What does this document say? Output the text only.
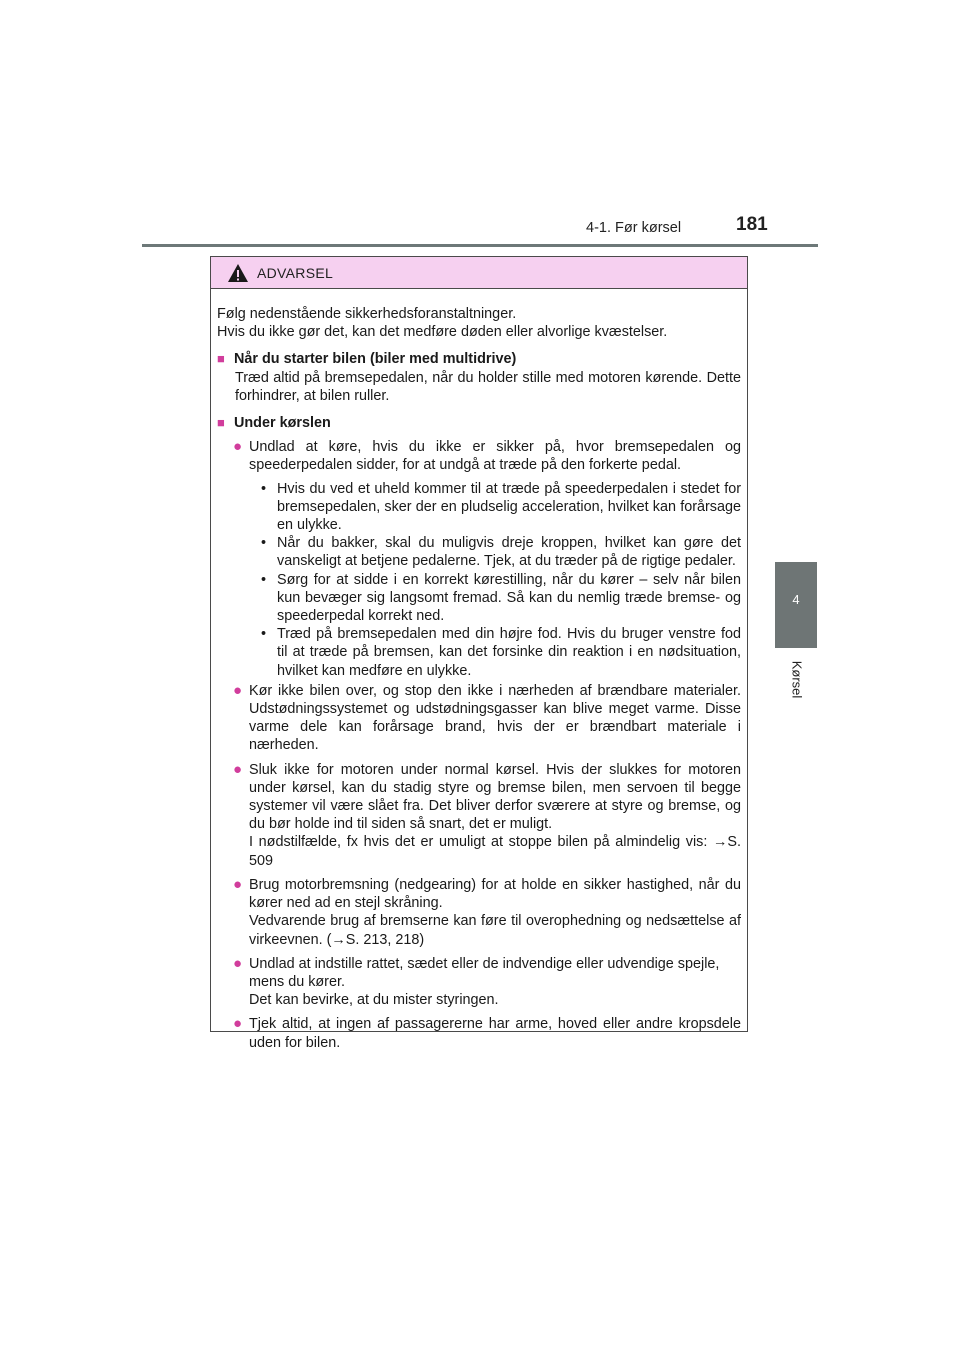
4-1. Før kørsel	181
4
Kørsel
ADVARSEL

Følg nedenstående sikkerhedsforanstaltninger.

Hvis du ikke gør det, kan det medføre døden eller alvorlige kvæstelser.

■ Når du starter bilen (biler med multidrive)

Træd altid på bremsepedalen, når du holder stille med motoren kørende. Dette forhindrer, at bilen ruller.

■ Under kørslen
● Undlad at køre, hvis du ikke er sikker på, hvor bremsepedalen og speederpedalen sidder, for at undgå at træde på den forkerte pedal.
• Hvis du ved et uheld kommer til at træde på speederpedalen i stedet for bremsepedalen, sker der en pludselig acceleration, hvilket kan forårsage en ulykke.
• Når du bakker, skal du muligvis dreje kroppen, hvilket kan gøre det vanskeligt at betjene pedalerne. Tjek, at du træder på de rigtige pedaler.
• Sørg for at sidde i en korrekt kørestilling, når du kører – selv når bilen kun bevæger sig langsomt fremad. Så kan du nemlig træde bremse- og speederpedal korrekt ned.
• Træd på bremsepedalen med din højre fod. Hvis du bruger venstre fod til at træde på bremsen, kan det forsinke din reaktion i en nødsituation, hvilket kan medføre en ulykke.
● Kør ikke bilen over, og stop den ikke i nærheden af brændbare materialer. Udstødningssystemet og udstødningsgasser kan blive meget varme. Disse varme dele kan forårsage brand, hvis der er brændbart materiale i nærheden.
● Sluk ikke for motoren under normal kørsel. Hvis der slukkes for motoren under kørsel, kan du stadig styre og bremse bilen, men servoen til begge systemer vil være slået fra. Det bliver derfor sværere at styre og bremse, og du bør holde ind til siden så snart, det er muligt.
I nødstilfælde, fx hvis det er umuligt at stoppe bilen på almindelig vis: →S. 509
● Brug motorbremsning (nedgearing) for at holde en sikker hastighed, når du kører ned ad en stejl skråning.
Vedvarende brug af bremserne kan føre til overophedning og nedsættelse af virkeevnen. (→S. 213, 218)
● Undlad at indstille rattet, sædet eller de indvendige eller udvendige spejle, mens du kører.
Det kan bevirke, at du mister styringen.
● Tjek altid, at ingen af passagererne har arme, hoved eller andre kropsdele uden for bilen.
